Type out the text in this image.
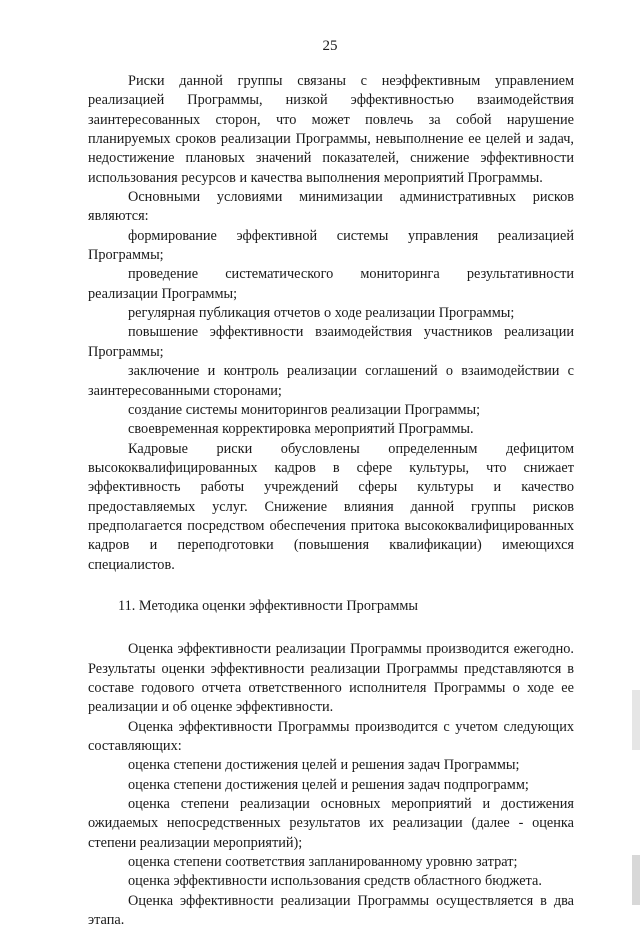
25

Риски данной группы связаны с неэффективным управлением реализацией Программы, низкой эффективностью взаимодействия заинтересованных сторон, что может повлечь за собой нарушение планируемых сроков реализации Программы, невыполнение ее целей и задач, недостижение плановых значений показателей, снижение эффективности использования ресурсов и качества выполнения мероприятий Программы.

Основными условиями минимизации административных рисков являются:

формирование эффективной системы управления реализацией Программы;

проведение систематического мониторинга результативности реализации Программы;

регулярная публикация отчетов о ходе реализации Программы;

повышение эффективности взаимодействия участников реализации Программы;

заключение и контроль реализации соглашений о взаимодействии с заинтересованными сторонами;

создание системы мониторингов реализации Программы;

своевременная корректировка мероприятий Программы.

Кадровые риски обусловлены определенным дефицитом высококвалифицированных кадров в сфере культуры, что снижает эффективность работы учреждений сферы культуры и качество предоставляемых услуг. Снижение влияния данной группы рисков предполагается посредством обеспечения притока высококвалифицированных кадров и переподготовки (повышения квалификации) имеющихся специалистов.

11. Методика оценки эффективности Программы

Оценка эффективности реализации Программы производится ежегодно. Результаты оценки эффективности реализации Программы представляются в составе годового отчета ответственного исполнителя Программы о ходе ее реализации и об оценке эффективности.

Оценка эффективности Программы производится с учетом следующих составляющих:

оценка степени достижения целей и решения задач Программы;

оценка степени достижения целей и решения задач подпрограмм;

оценка степени реализации основных мероприятий и достижения ожидаемых непосредственных результатов их реализации (далее - оценка степени реализации мероприятий);

оценка степени соответствия запланированному уровню затрат;

оценка эффективности использования средств областного бюджета.

Оценка эффективности реализации Программы осуществляется в два этапа.
